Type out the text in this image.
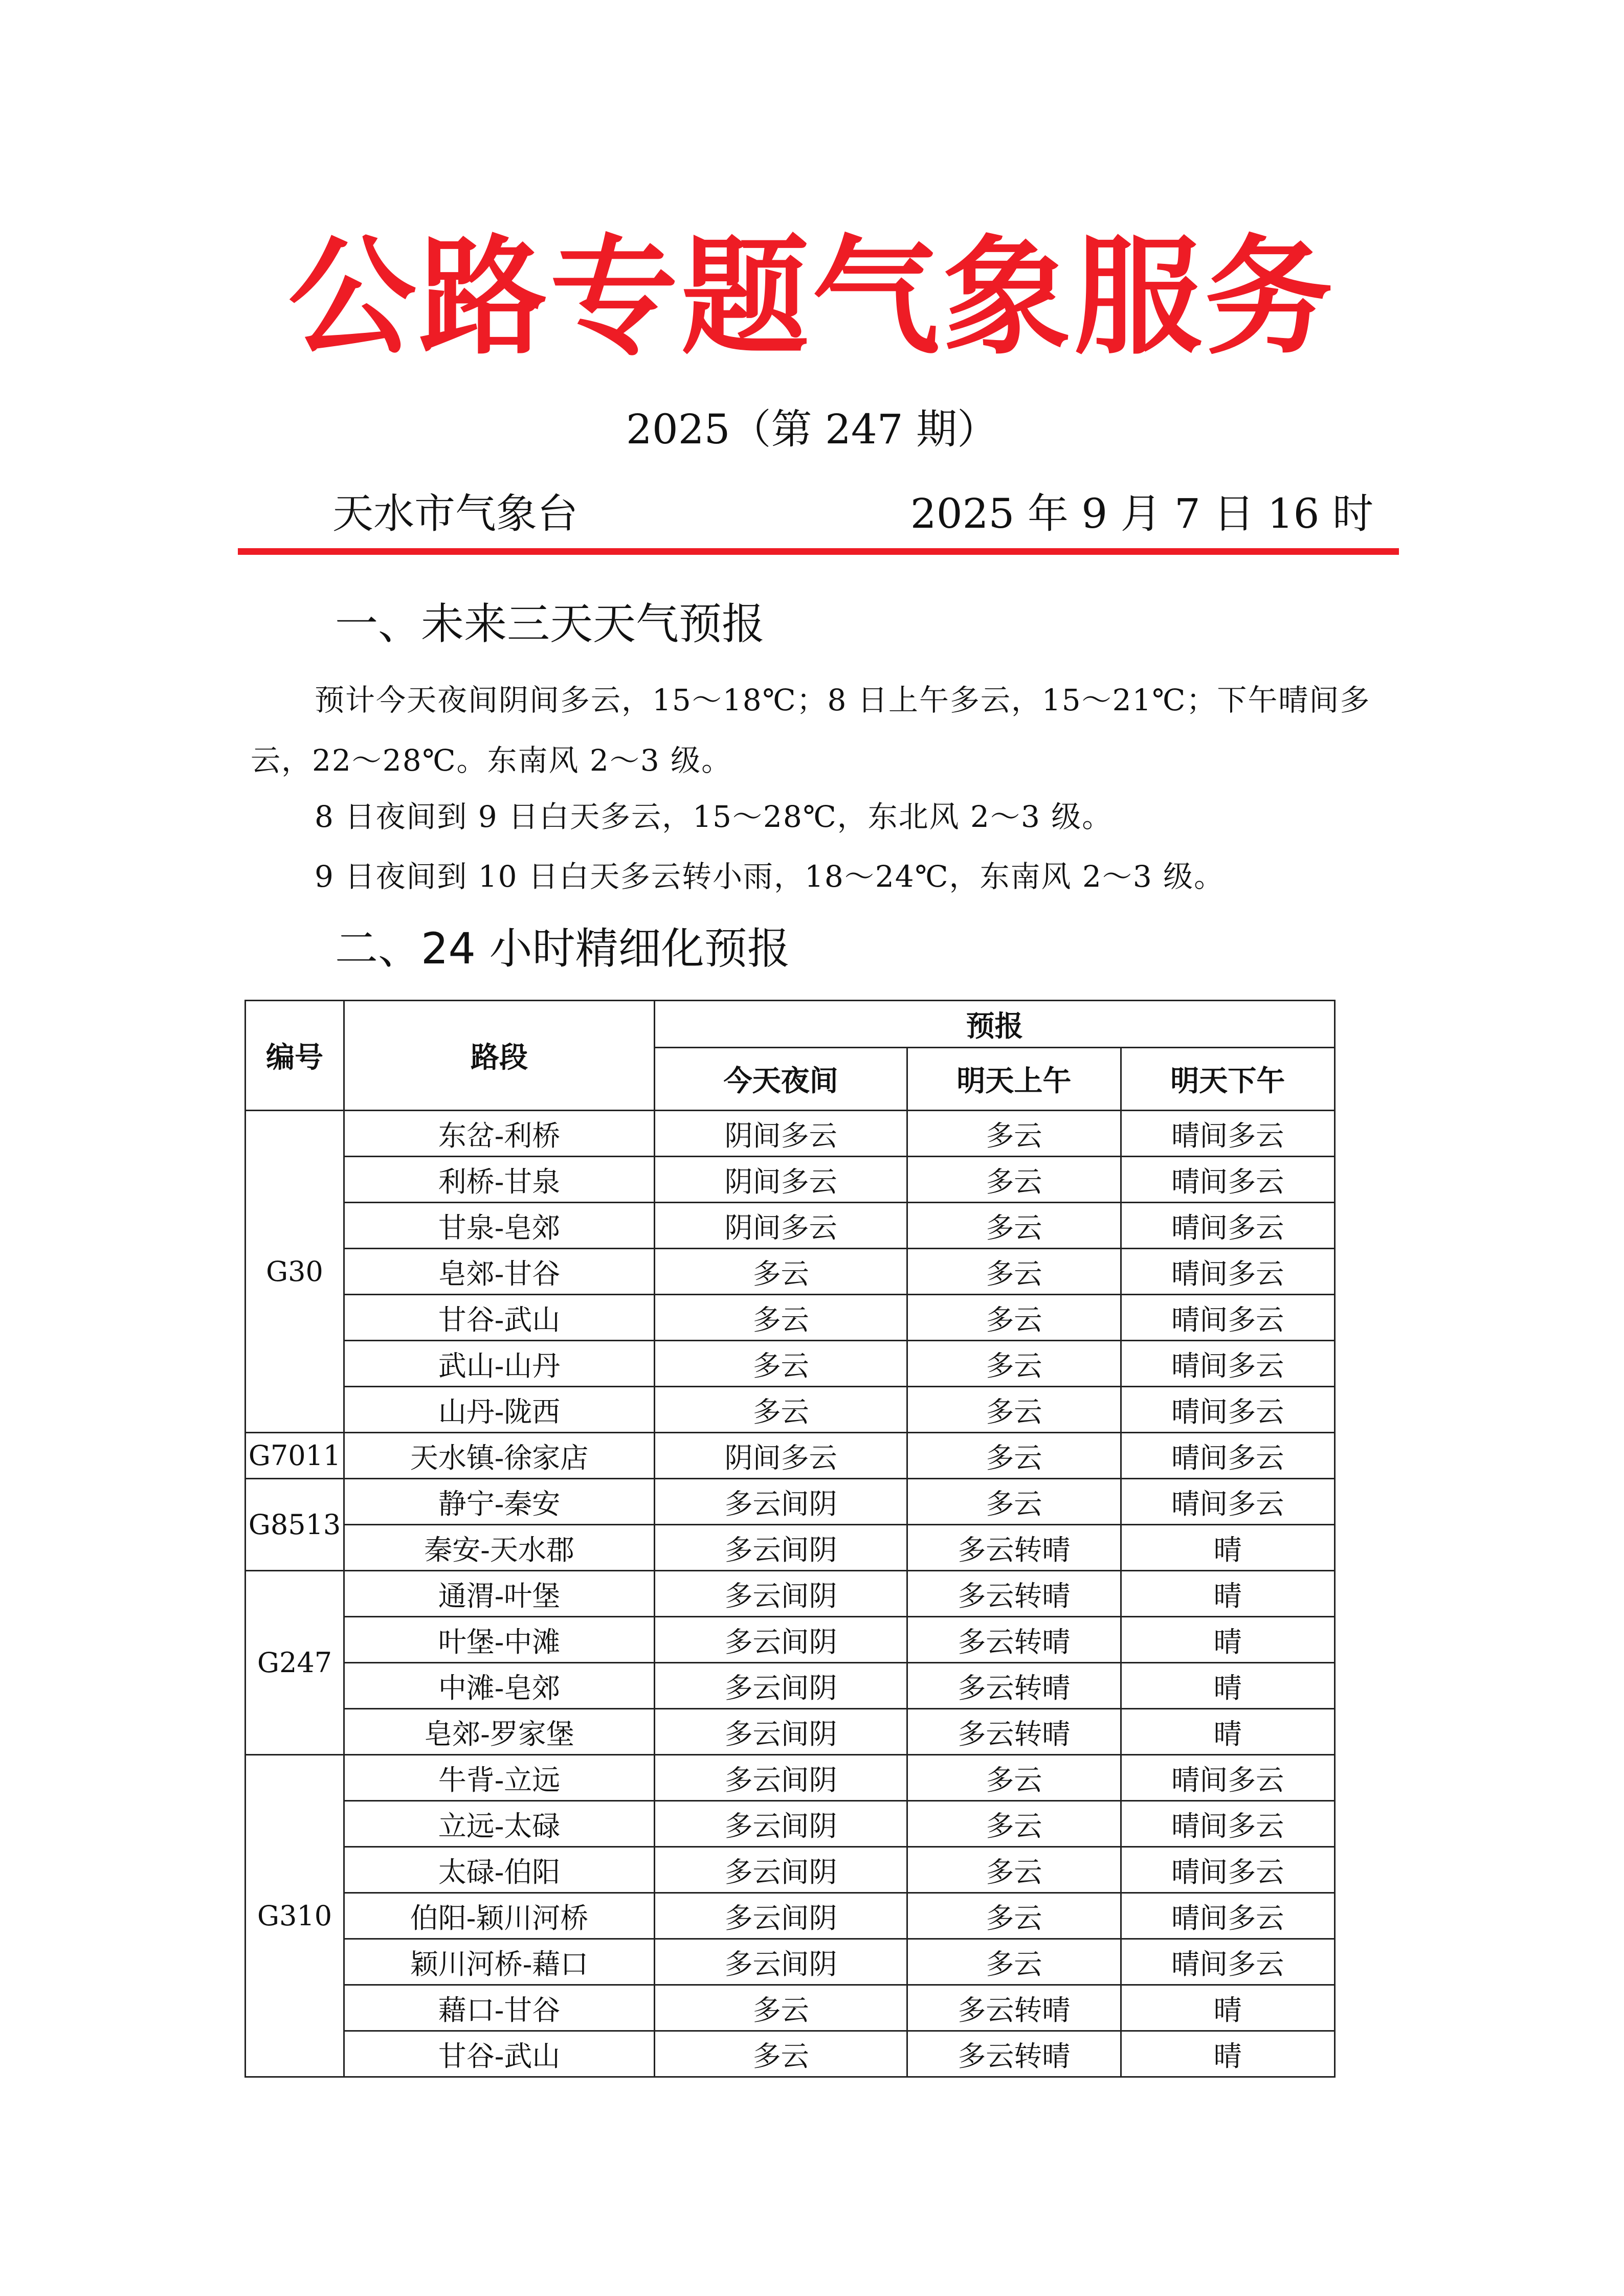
公路专题气象服务
2025（第 247 期）
天水市气象台	2025 年 9 月 7 日 16 时
一、未来三天天气预报

预计今天夜间阴间多云，15～18℃；8 日上午多云，15～21℃；下午晴间多云，22～28℃。东南风 2～3 级。

8 日夜间到 9 日白天多云，15～28℃，东北风 2～3 级。

9 日夜间到 10 日白天多云转小雨，18～24℃，东南风 2～3 级。

二、24 小时精细化预报
编号	路段	预报		
		今天夜间	明天上午	明天下午
G30	东岔-利桥	阴间多云	多云	晴间多云
	利桥-甘泉	阴间多云	多云	晴间多云
	甘泉-皂郊	阴间多云	多云	晴间多云
	皂郊-甘谷	多云	多云	晴间多云
	甘谷-武山	多云	多云	晴间多云
	武山-山丹	多云	多云	晴间多云
	山丹-陇西	多云	多云	晴间多云
G7011	天水镇-徐家店	阴间多云	多云	晴间多云
G8513	静宁-秦安	多云间阴	多云	晴间多云
	秦安-天水郡	多云间阴	多云转晴	晴
G247	通渭-叶堡	多云间阴	多云转晴	晴
	叶堡-中滩	多云间阴	多云转晴	晴
	中滩-皂郊	多云间阴	多云转晴	晴
	皂郊-罗家堡	多云间阴	多云转晴	晴
G310	牛背-立远	多云间阴	多云	晴间多云
	立远-太碌	多云间阴	多云	晴间多云
	太碌-伯阳	多云间阴	多云	晴间多云
	伯阳-颖川河桥	多云间阴	多云	晴间多云
	颖川河桥-藉口	多云间阴	多云	晴间多云
	藉口-甘谷	多云	多云转晴	晴
	甘谷-武山	多云	多云转晴	晴
